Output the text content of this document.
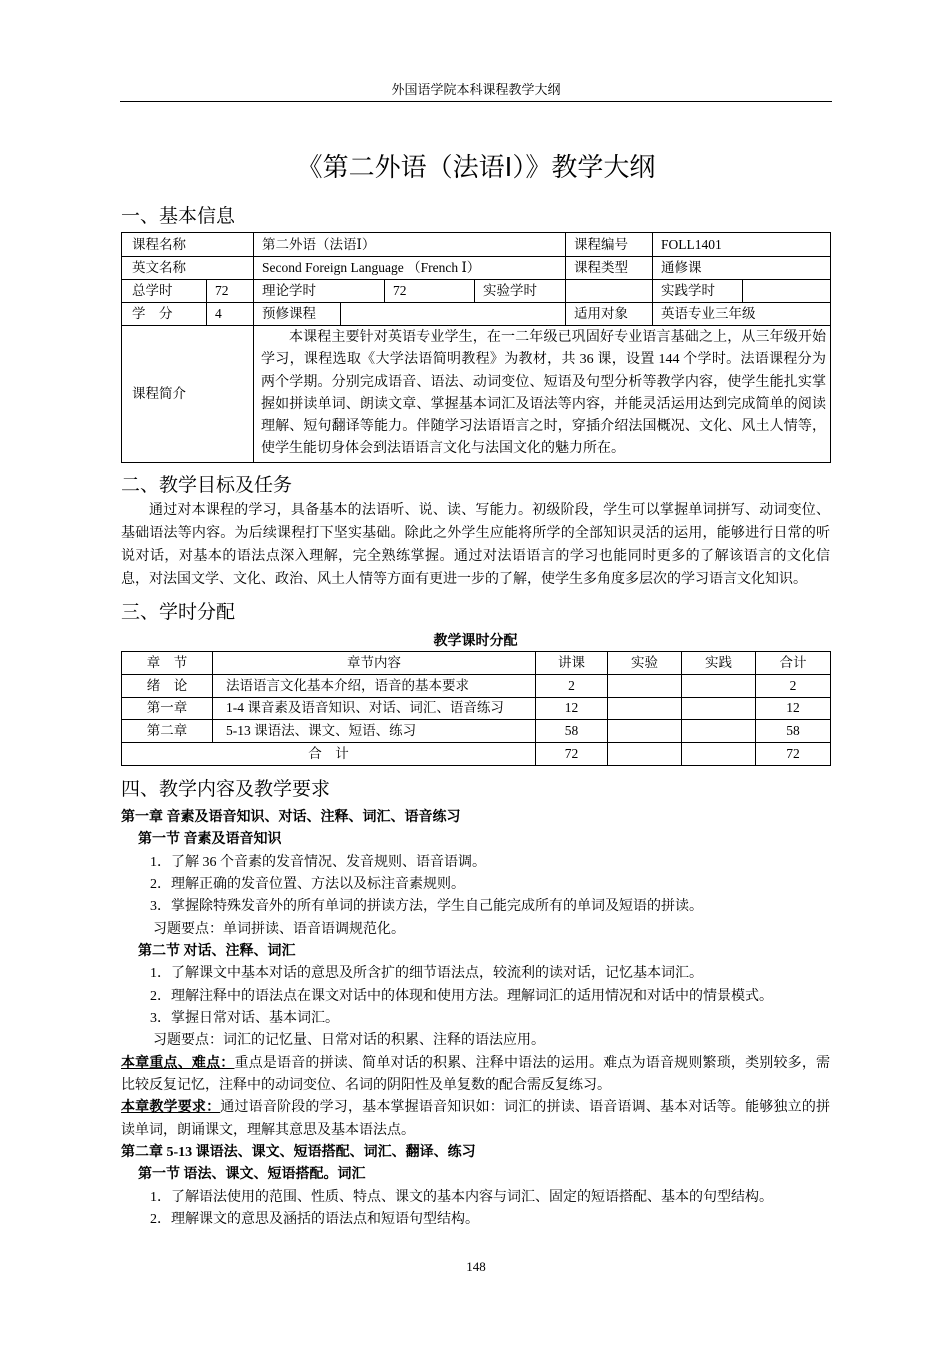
外国语学院本科课程教学大纲
《第二外语（法语Ⅰ）》教学大纲
一、基本信息
课程名称		第二外语（法语Ⅰ）				课程编号	FOLL1401	
英文名称		Second Foreign Language （French Ⅰ）				课程类型	通修课	
总学时	72	理论学时		72	实验学时		实践学时	
学　分	4	预修课程				适用对象	英语专业三年级	
课程简介		本课程主要针对英语专业学生，在一二年级已巩固好专业语言基础之上，从三年级开始学习，课程选取《大学法语简明教程》为教材，共 36 课，设置 144 个学时。法语课程分为两个学期。分别完成语音、语法、动词变位、短语及句型分析等教学内容，使学生能扎实掌握如拼读单词、朗读文章、掌握基本词汇及语法等内容，并能灵活运用达到完成简单的阅读理解、短句翻译等能力。伴随学习法语语言之时，穿插介绍法国概况、文化、风土人情等，使学生能切身体会到法语语言文化与法国文化的魅力所在。						
二、教学目标及任务

通过对本课程的学习，具备基本的法语听、说、读、写能力。初级阶段，学生可以掌握单词拼写、动词变位、基础语法等内容。为后续课程打下坚实基础。除此之外学生应能将所学的全部知识灵活的运用，能够进行日常的听说对话，对基本的语法点深入理解，完全熟练掌握。通过对法语语言的学习也能同时更多的了解该语言的文化信息，对法国文学、文化、政治、风土人情等方面有更进一步的了解，使学生多角度多层次的学习语言文化知识。

三、学时分配
教学课时分配
章　节	章节内容	讲课	实验	实践	合计
绪　论	法语语言文化基本介绍，语音的基本要求	2			2
第一章	1-4 课音素及语音知识、对话、词汇、语音练习	12			12
第二章	5-13 课语法、课文、短语、练习	58			58
合　计		72			72
四、教学内容及教学要求
第一章 音素及语音知识、对话、注释、词汇、语音练习
第一节 音素及语音知识
1．了解 36 个音素的发音情况、发音规则、语音语调。
2．理解正确的发音位置、方法以及标注音素规则。
3．掌握除特殊发音外的所有单词的拼读方法，学生自己能完成所有的单词及短语的拼读。
习题要点：单词拼读、语音语调规范化。
第二节 对话、注释、词汇
1．了解课文中基本对话的意思及所含扩的细节语法点，较流利的读对话，记忆基本词汇。
2．理解注释中的语法点在课文对话中的体现和使用方法。理解词汇的适用情况和对话中的情景模式。
3．掌握日常对话、基本词汇。
习题要点：词汇的记忆量、日常对话的积累、注释的语法应用。

本章重点、难点：重点是语音的拼读、简单对话的积累、注释中语法的运用。难点为语音规则繁琐，类别较多，需比较反复记忆，注释中的动词变位、名词的阴阳性及单复数的配合需反复练习。

本章教学要求：通过语音阶段的学习，基本掌握语音知识如：词汇的拼读、语音语调、基本对话等。能够独立的拼读单词，朗诵课文，理解其意思及基本语法点。

第二章 5-13 课语法、课文、短语搭配、词汇、翻译、练习
第一节 语法、课文、短语搭配。词汇
1．了解语法使用的范围、性质、特点、课文的基本内容与词汇、固定的短语搭配、基本的句型结构。
2．理解课文的意思及涵括的语法点和短语句型结构。
148
